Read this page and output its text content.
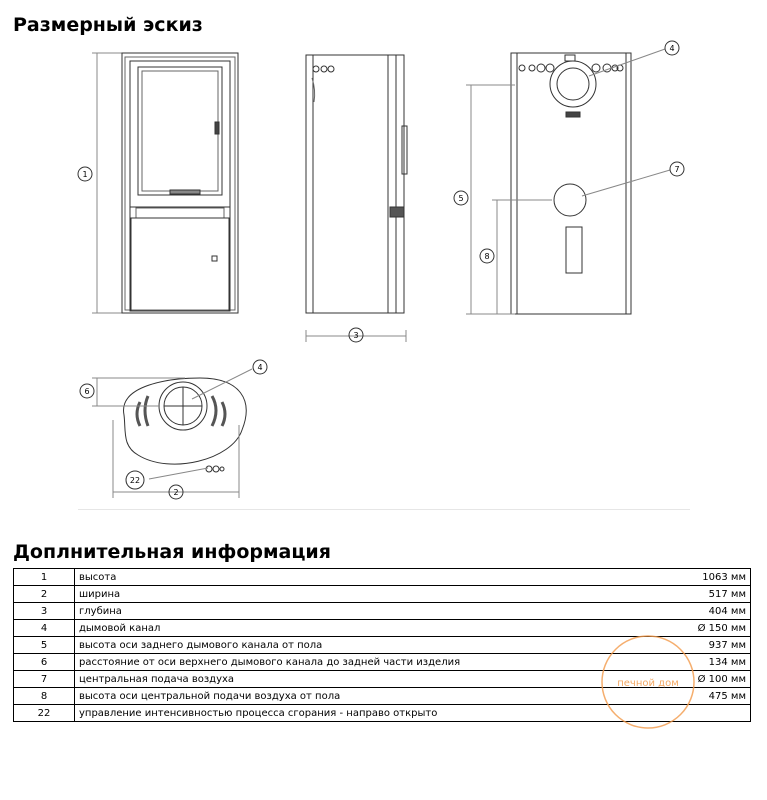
Размерный эскиз
1
3
4
7
5
8
6
4
22
2
Доплнительная информация
1	высота	1063 мм
2	ширина	517 мм
3	глубина	404 мм
4	дымовой канал	Ø 150 мм
5	высота оси заднего дымового канала от пола	937 мм
6	расстояние от оси верхнего дымового канала до задней части изделия	134 мм
7	центральная подача воздуха	Ø 100 мм
8	высота оси центральной подачи воздуха от пола	475 мм
22	управление интенсивностью процесса сгорания - направо открыто	
печной дом
